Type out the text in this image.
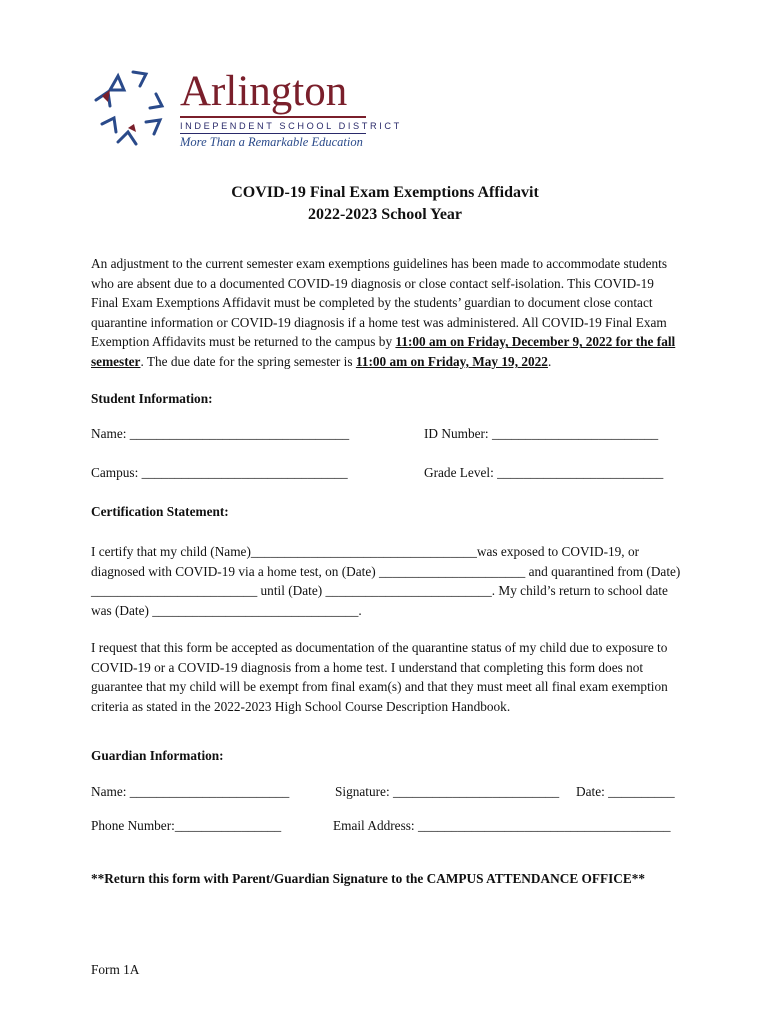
Arlington
INDEPENDENT SCHOOL DISTRICT
More Than a Remarkable Education
COVID-19 Final Exam Exemptions Affidavit
2022-2023 School Year
An adjustment to the current semester exam exemptions guidelines has been made to accommodate students who are absent due to a documented COVID-19 diagnosis or close contact self-isolation. This COVID-19 Final Exam Exemptions Affidavit must be completed by the students’ guardian to document close contact quarantine information or COVID-19 diagnosis if a home test was administered. All COVID-19 Final Exam Exemption Affidavits must be returned to the campus by 11:00 am on Friday, December 9, 2022 for the fall semester. The due date for the spring semester is 11:00 am on Friday, May 19, 2022.
Student Information:
Name: _________________________________	ID Number: _________________________
Campus: _______________________________	Grade Level: _________________________
Certification Statement:
I certify that my child (Name)__________________________________was exposed to COVID-19, or diagnosed with COVID-19 via a home test, on (Date) ______________________ and quarantined from (Date) _________________________ until (Date) _________________________. My child’s return to school date was (Date) _______________________________.
I request that this form be accepted as documentation of the quarantine status of my child due to exposure to COVID-19 or a COVID-19 diagnosis from a home test. I understand that completing this form does not guarantee that my child will be exempt from final exam(s) and that they must meet all final exam exemption criteria as stated in the 2022-2023 High School Course Description Handbook.
Guardian Information:
Name: ________________________	Signature: _________________________ Date: __________
Phone Number:________________	Email Address: ______________________________________
**Return this form with Parent/Guardian Signature to the CAMPUS ATTENDANCE OFFICE**
Form 1A
